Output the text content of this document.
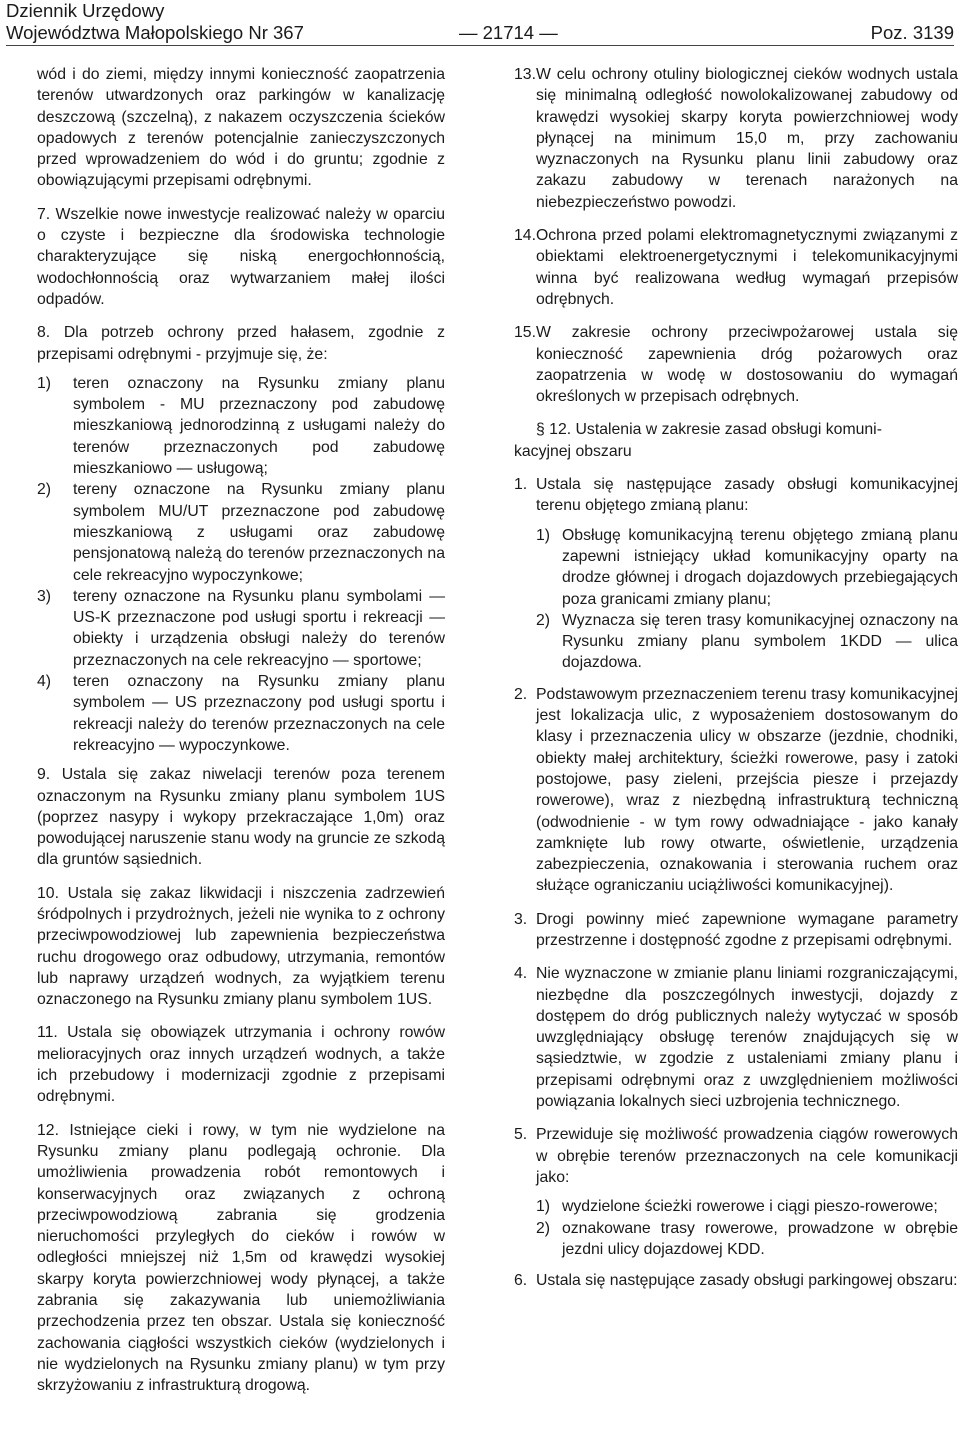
Dziennik Urzędowy
Województwa Małopolskiego Nr 367	— 21714 —	Poz. 3139

wód i do ziemi, między innymi konieczność zaopatrzenia terenów utwardzonych oraz parkingów w kanalizację deszczową (szczelną), z nakazem oczyszczenia ścieków opadowych z terenów potencjalnie zanieczyszczonych przed wprowadzeniem do wód i do gruntu; zgodnie z obowiązującymi przepisami odrębnymi.

7. Wszelkie nowe inwestycje realizować należy w oparciu o czyste i bezpieczne dla środowiska technologie charakteryzujące się niską energochłonnością, wodochłonnością oraz wytwarzaniem małej ilości odpadów.
8. Dla potrzeb ochrony przed hałasem, zgodnie z przepisami odrębnymi - przyjmuje się, że:
1) teren oznaczony na Rysunku zmiany planu symbolem - MU przeznaczony pod zabudowę mieszkaniową jednorodzinną z usługami należy do terenów przeznaczonych pod zabudowę mieszkaniowo — usługową;
2) tereny oznaczone na Rysunku zmiany planu symbolem MU/UT przeznaczone pod zabudowę mieszkaniową z usługami oraz zabudowę pensjonatową należą do terenów przeznaczonych na cele rekreacyjno wypoczynkowe;
3) tereny oznaczone na Rysunku planu symbolami — US-K przeznaczone pod usługi sportu i rekreacji — obiekty i urządzenia obsługi należy do terenów przeznaczonych na cele rekreacyjno — sportowe;
4) teren oznaczony na Rysunku zmiany planu symbolem — US przeznaczony pod usługi sportu i rekreacji należy do terenów przeznaczonych na cele rekreacyjno — wypoczynkowe.
9. Ustala się zakaz niwelacji terenów poza terenem oznaczonym na Rysunku zmiany planu symbolem 1US (poprzez nasypy i wykopy przekraczające 1,0m) oraz powodującej naruszenie stanu wody na gruncie ze szkodą dla gruntów sąsiednich.
10. Ustala się zakaz likwidacji i niszczenia zadrzewień śródpolnych i przydrożnych, jeżeli nie wynika to z ochrony przeciwpowodziowej lub zapewnienia bezpieczeństwa ruchu drogowego oraz odbudowy, utrzymania, remontów lub naprawy urządzeń wodnych, za wyjątkiem terenu oznaczonego na Rysunku zmiany planu symbolem 1US.
11. Ustala się obowiązek utrzymania i ochrony rowów melioracyjnych oraz innych urządzeń wodnych, a także ich przebudowy i modernizacji zgodnie z przepisami odrębnymi.
12. Istniejące cieki i rowy, w tym nie wydzielone na Rysunku zmiany planu podlegają ochronie. Dla umożliwienia prowadzenia robót remontowych i konserwacyjnych oraz związanych z ochroną przeciwpowodziową zabrania się grodzenia nieruchomości przyległych do cieków i rowów w odległości mniejszej niż 1,5m od krawędzi wysokiej skarpy koryta powierzchniowej wody płynącej, a także zabrania się zakazywania lub uniemożliwiania przechodzenia przez ten obszar. Ustala się konieczność zachowania ciągłości wszystkich cieków (wydzielonych i nie wydzielonych na Rysunku zmiany planu) w tym przy skrzyżowaniu z infrastrukturą drogową.
13. W celu ochrony otuliny biologicznej cieków wodnych ustala się minimalną odległość nowolokalizowanej zabudowy od krawędzi wysokiej skarpy koryta powierzchniowej wody płynącej na minimum 15,0 m, przy zachowaniu wyznaczonych na Rysunku planu linii zabudowy oraz zakazu zabudowy w terenach narażonych na niebezpieczeństwo powodzi.
14. Ochrona przed polami elektromagnetycznymi związanymi z obiektami elektroenergetycznymi i telekomunikacyjnymi winna być realizowana według wymagań przepisów odrębnych.
15. W zakresie ochrony przeciwpożarowej ustala się konieczność zapewnienia dróg pożarowych oraz zaopatrzenia w wodę w dostosowaniu do wymagań określonych w przepisach odrębnych.
§ 12. Ustalenia w zakresie zasad obsługi komuni-
kacyjnej obszaru
1. Ustala się następujące zasady obsługi komunikacyjnej terenu objętego zmianą planu:
1) Obsługę komunikacyjną terenu objętego zmianą planu zapewni istniejący układ komunikacyjny oparty na drodze głównej i drogach dojazdowych przebiegających poza granicami zmiany planu;
2) Wyznacza się teren trasy komunikacyjnej oznaczony na Rysunku zmiany planu symbolem 1KDD — ulica dojazdowa.
2. Podstawowym przeznaczeniem terenu trasy komunikacyjnej jest lokalizacja ulic, z wyposażeniem dostosowanym do klasy i przeznaczenia ulicy w obszarze (jezdnie, chodniki, obiekty małej architektury, ścieżki rowerowe, pasy i zatoki postojowe, pasy zieleni, przejścia piesze i przejazdy rowerowe), wraz z niezbędną infrastrukturą techniczną (odwodnienie - w tym rowy odwadniające - jako kanały zamknięte lub rowy otwarte, oświetlenie, urządzenia zabezpieczenia, oznakowania i sterowania ruchem oraz służące ograniczaniu uciążliwości komunikacyjnej).
3. Drogi powinny mieć zapewnione wymagane parametry przestrzenne i dostępność zgodne z przepisami odrębnymi.
4. Nie wyznaczone w zmianie planu liniami rozgraniczającymi, niezbędne dla poszczególnych inwestycji, dojazdy z dostępem do dróg publicznych należy wytyczać w sposób uwzględniający obsługę terenów znajdujących się w sąsiedztwie, w zgodzie z ustaleniami zmiany planu i przepisami odrębnymi oraz z uwzględnieniem możliwości powiązania lokalnych sieci uzbrojenia technicznego.
5. Przewiduje się możliwość prowadzenia ciągów rowerowych w obrębie terenów przeznaczonych na cele komunikacji jako:
1) wydzielone ścieżki rowerowe i ciągi pieszo-rowerowe;
2) oznakowane trasy rowerowe, prowadzone w obrębie jezdni ulicy dojazdowej KDD.
6. Ustala się następujące zasady obsługi parkingowej obszaru:
